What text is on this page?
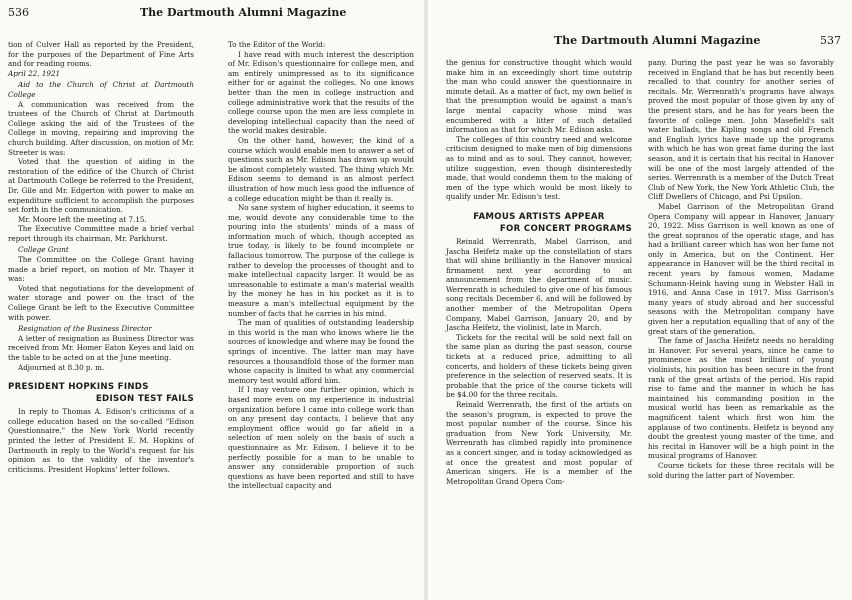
536	The Dartmouth Alumni Magazine

tion of Culver Hall as reported by the President, for the purposes of the Department of Fine Arts and for reading rooms.

April 22, 1921

Aid to the Church of Christ at Dartmouth College

A communication was received from the trustees of the Church of Christ at Dartmouth College asking the aid of the Trustees of the College in moving, repairing and improving the church building. After discussion, on motion of Mr. Streeter is was:

Voted that the question of aiding in the restoration of the edifice of the Church of Christ at Dartmouth College be referred to the President, Dr. Gile and Mr. Edgerton with power to make an expenditure sufficient to accomplish the purposes set forth in the communication.

Mr. Moore left the meeting at 7.15.

The Executive Committee made a brief verbal report through its chairman, Mr. Parkhurst.

College Grant

The Committee on the College Grant having made a brief report, on motion of Mr. Thayer it was:

Voted that negotiations for the development of water storage and power on the tract of the College Grant be left to the Executive Committee with power.

Resignation of the Business Director

A letter of resignation as Business Director was received from Mr. Homer Eaton Keyes and laid on the table to be acted on at the June meeting.

Adjourned at 8.30 p. m.

PRESIDENT HOPKINS FINDS

EDISON TEST FAILS

In reply to Thomas A. Edison's criticisms of a college education based on the so-called "Edison Questionnaire," the New York World recently printed the letter of President E. M. Hopkins of Dartmouth in reply to the World's request for his opinion as to the validity of the inventor's criticisms. President Hopkins' letter follows.

To the Editor of the World:

I have read with much interest the description of Mr. Edison's questionnaire for college men, and am entirely unimpressed as to its significance either for or against the colleges. No one knows better than the men in college instruction and college administrative work that the results of the college course upon the men are less complete in developing intellectual capacity than the need of the world makes desirable.

On the other hand, however, the kind of a course which would enable men to answer a set of questions such as Mr. Edison has drawn up would be almost completely wasted. The thing which Mr. Edison seems to demand is an almost perfect illustration of how much less good the influence of a college education might be than it really is.

No sane system of higher education, it seems to me, would devote any considerable time to the pouring into the students' minds of a mass of information much of which, though accepted as true today, is likely to be found incomplete or fallacious tomorrow. The purpose of the college is rather to develop the processes of thought and to make intellectual capacity larger. It would be as unreasonable to estimate a man's material wealth by the money he has in his pocket as it is to measure a man's intellectual equipment by the number of facts that he carries in his mind.

The man of qualities of outstanding leadership in this world is the man who knows where lie the sources of knowledge and where may be found the springs of incentive. The latter man may have resources a thousandfold those of the former man whose capacity is limited to what any commercial memory test would afford him.

If I may venture one further opinion, which is based more even on my experience in industrial organization before I came into college work than on any present day contacts, I believe that any employment office would go far afield in a selection of men solely on the basis of such a questionnaire as Mr. Edison. I believe it to be perfectly possible for a man to be unable to answer any considerable proportion of such questions as have been reported and still to have the intellectual capacity and

The Dartmouth Alumni Magazine	537

the genius for constructive thought which would make him in an exceedingly short time outstrip the man who could answer the questionnaire in minute detail. As a matter of fact, my own belief is that the presumption would be against a man's large mental capacity whose mind was encumbered with a litter of such detailed information as that for which Mr. Edison asks.

The colleges of this country need and welcome criticism designed to make men of big dimensions as to mind and as to soul. They cannot, however, utilize suggestion, even though disinterestedly made, that would condemn them to the making of men of the type which would be most likely to qualify under Mr. Edison's test.

FAMOUS ARTISTS APPEAR

FOR CONCERT PROGRAMS

Reinald Werrenrath, Mabel Garrison, and Jascha Heifetz make up the constellation of stars that will shine brilliantly in the Hanover musical firmament next year according to an announcement from the department of music. Werrenrath is scheduled to give one of his famous song recitals December 6, and will be followed by another member of the Metropolitan Opera Company, Mabel Garrison, January 20, and by Jascha Heifetz, the violinist, late in March.

Tickets for the recital will be sold next fall on the same plan as during the past season, course tickets at a reduced price, admitting to all concerts, and holders of these tickets being given preference in the selection of reserved seats. It is probable that the price of the course tickets will be $4.00 for the three recitals.

Reinald Werrenrath, the first of the artists on the season's program, is expected to prove the most popular number of the course. Since his graduation from New York University, Mr. Werrenrath has climbed rapidly into prominence as a concert singer, and is today acknowledged as at once the greatest and most popular of American singers. He is a member of the Metropolitan Grand Opera Com-

pany. During the past year he was so favorably received in England that he has but recently been recalled to that country for another series of recitals. Mr. Werrenrath's programs have always proved the most popular of those given by any of the present stars, and he has for years been the favorite of college men. John Masefield's salt water ballads, the Kipling songs and old French and English lyrics have made up the programs with which he has won great fame during the last season, and it is certain that his recital in Hanover will be one of the most largely attended of the series. Werrenrath is a member of the Dutch Treat Club of New York, the New York Athletic Club, the Cliff Dwellers of Chicago, and Psi Upsilon.

Mabel Garrison of the Metropolitan Grand Opera Company will appear in Hanover, January 20, 1922. Miss Garrison is well known as one of the great sopranos of the operatic stage, and has had a brilliant career which has won her fame not only in America, but on the Continent. Her appearance in Hanover will be the third recital in recent years by famous women, Madame Schumann-Heink having sung in Webster Hall in 1916, and Anna Case in 1917. Miss Garrison's many years of study abroad and her successful seasons with the Metropolitan company have given her a reputation equalling that of any of the great stars of the generation.

The fame of Jascha Heifetz needs no heralding in Hanover. For several years, since he came to prominence as the most brilliant of young violinists, his position has been secure in the front rank of the great artists of the period. His rapid rise to fame and the manner in which he has maintained his commanding position in the musical world has been as remarkable as the magnificent talent which first won him the applause of two continents. Heifetz is beyond any doubt the greatest young master of the time, and his recital in Hanover will be a high point in the musical programs of Hanover.

Course tickets for these three recitals will be sold during the latter part of November.
